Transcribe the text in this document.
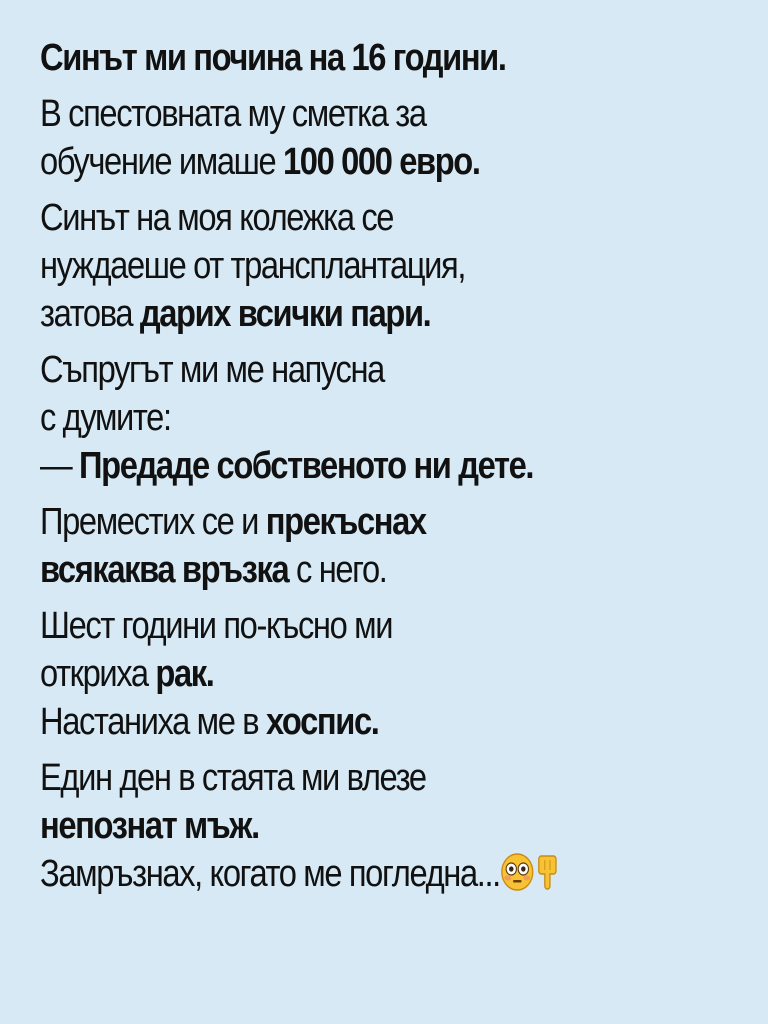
Синът ми почина на 16 години.
В спестовната му сметка за
обучение имаше 100 000 евро.
Синът на моя колежка се
нуждаеше от трансплантация,
затова дарих всички пари.
Съпругът ми ме напусна
с думите:
— Предаде собственото ни дете.
Преместих се и прекъснах
всякаква връзка с него.
Шест години по-късно ми
откриха рак.
Настаниха ме в хоспис.
Един ден в стаята ми влезе
непознат мъж.
Замръзнах, когато ме погледна...
